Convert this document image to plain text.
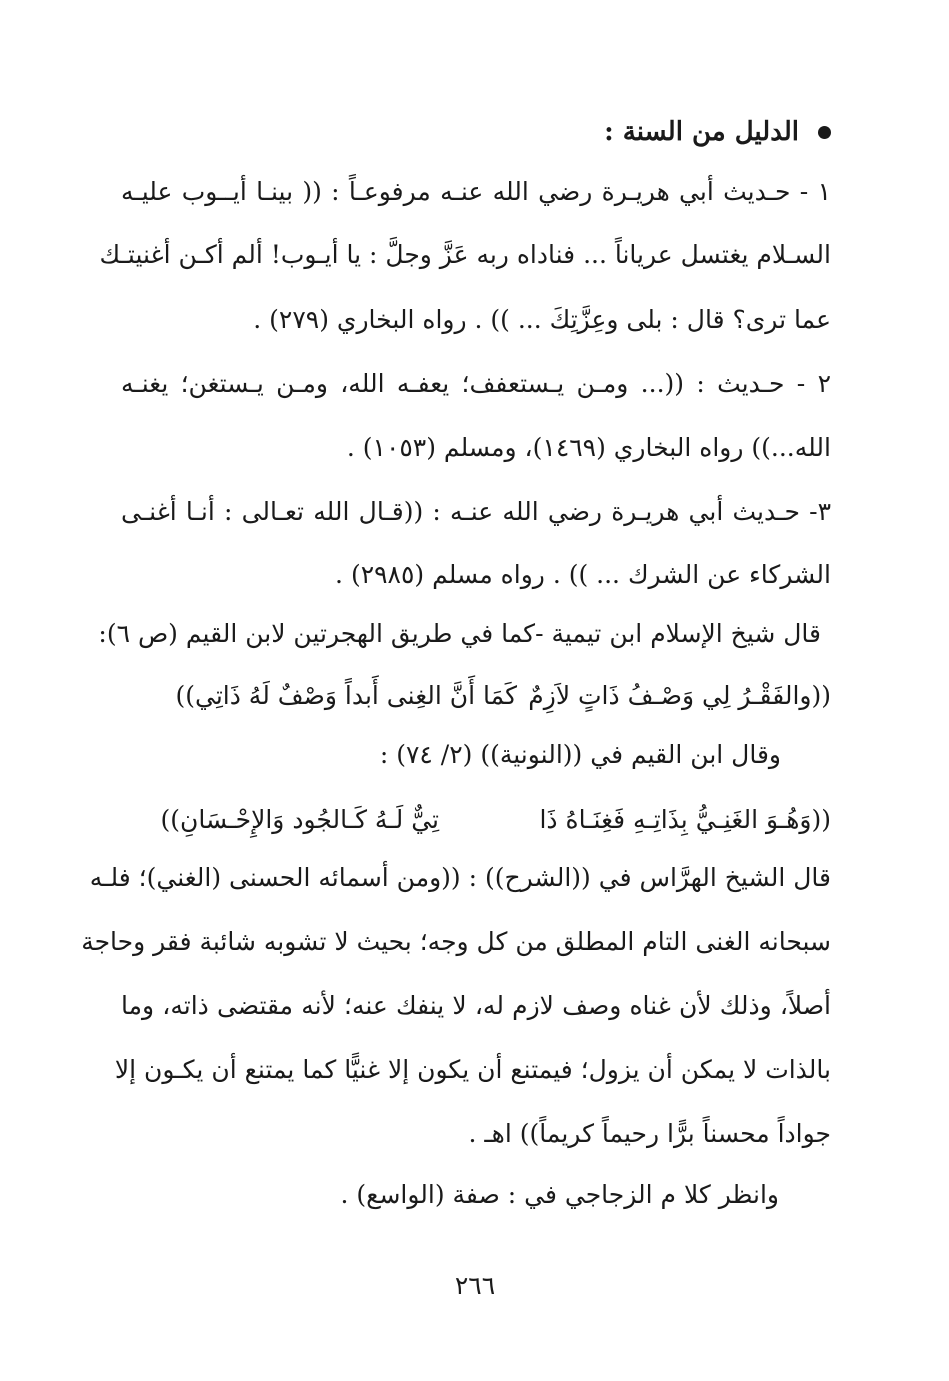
الدليل من السنة :
١ - حـديث أبي هريـرة رضي الله عنـه مرفوعـاً : (( بينـا أيــوب عليـه
السـلام يغتسل عرياناً ... فناداه ربه عَزَّ وجلَّ : يا أيـوب! ألم أكـن أغنيتـك
عما ترى؟ قال : بلى وعِزَّتِكَ ... )) . رواه البخاري (٢٧٩) .
٢ - حـديث : ((... ومـن يـستعفف؛ يعفـه الله، ومـن يـستغن؛ يغنـه
الله...)) رواه البخاري (١٤٦٩)، ومسلم (١٠٥٣) .
٣- حـديث أبي هريـرة رضي الله عنـه : ((قـال الله تعـالى : أنـا أغنـى
الشركاء عن الشرك ... )) . رواه مسلم (٢٩٨٥) .
قال شيخ الإسلام ابن تيمية -كما في طريق الهجرتين لابن القيم (ص ٦):
((والفَقْـرُ لِي وَصْـفُ ذَاتٍ لاَزِمٌ
كَمَا أَنَّ الغِنى أَبداً وَصْفٌ لَهُ ذَاتِي))
وقال ابن القيم في ((النونية)) (٢/ ٧٤) :
((وَهُـوَ الغَنِـيُّ بِذَاتِـهِ فَغِنَـاهُ ذَا
تِيٌّ لَـهُ كَـالجُود وَالإِحْـسَانِ))
قال الشيخ الهرَّاس في ((الشرح)) : ((ومن أسمائه الحسنى (الغني)؛ فلـه
سبحانه الغنى التام المطلق من كل وجه؛ بحيث لا تشوبه شائبة فقر وحاجة
أصلاً، وذلك لأن غناه وصف لازم له، لا ينفك عنه؛ لأنه مقتضى ذاته، وما
بالذات لا يمكن أن يزول؛ فيمتنع أن يكون إلا غنيًّا كما يمتنع أن يكـون إلا
جواداً محسناً برًّا رحيماً كريماً)) اهـ .
وانظر كلا م الزجاجي في : صفة (الواسع) .
٢٦٦
